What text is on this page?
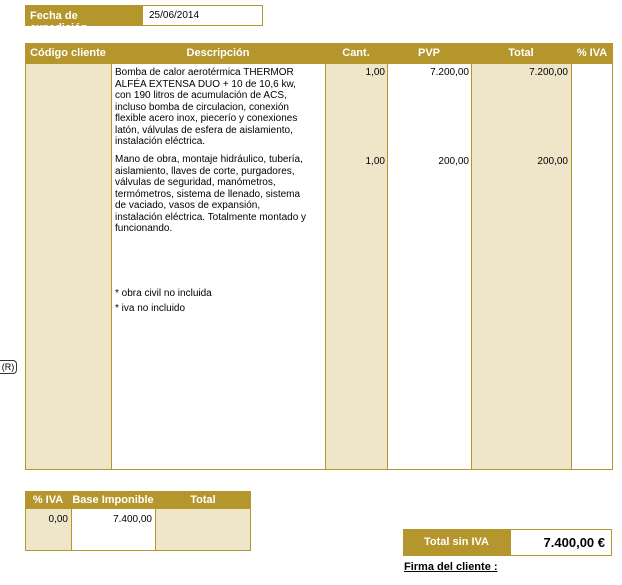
Fecha de expedición
25/06/2014
Código cliente	Descripción	Cant.	PVP	Total	% IVA
Bomba de calor aerotérmica THERMOR
ALFÉA EXTENSA DUO + 10 de 10,6 kw,
con 190 litros de acumulación de ACS,
incluso bomba de circulacion, conexión
flexible acero inox, piecerío y conexiones
latón, válvulas de esfera de aislamiento,
instalación eléctrica.
1,00	7.200,00	7.200,00
Mano de obra, montaje hidráulico, tubería,
aislamiento, llaves de corte, purgadores,
válvulas de seguridad, manómetros,
termómetros, sistema de llenado, sistema
de vaciado, vasos de expansión,
instalación eléctrica. Totalmente montado y
funcionando.
1,00	200,00	200,00
* obra civil no incluida
* iva no incluido
(R)
% IVA Base Imponible	Total
0,00	7.400,00
Total sin IVA	7.400,00 €
Firma del cliente :
